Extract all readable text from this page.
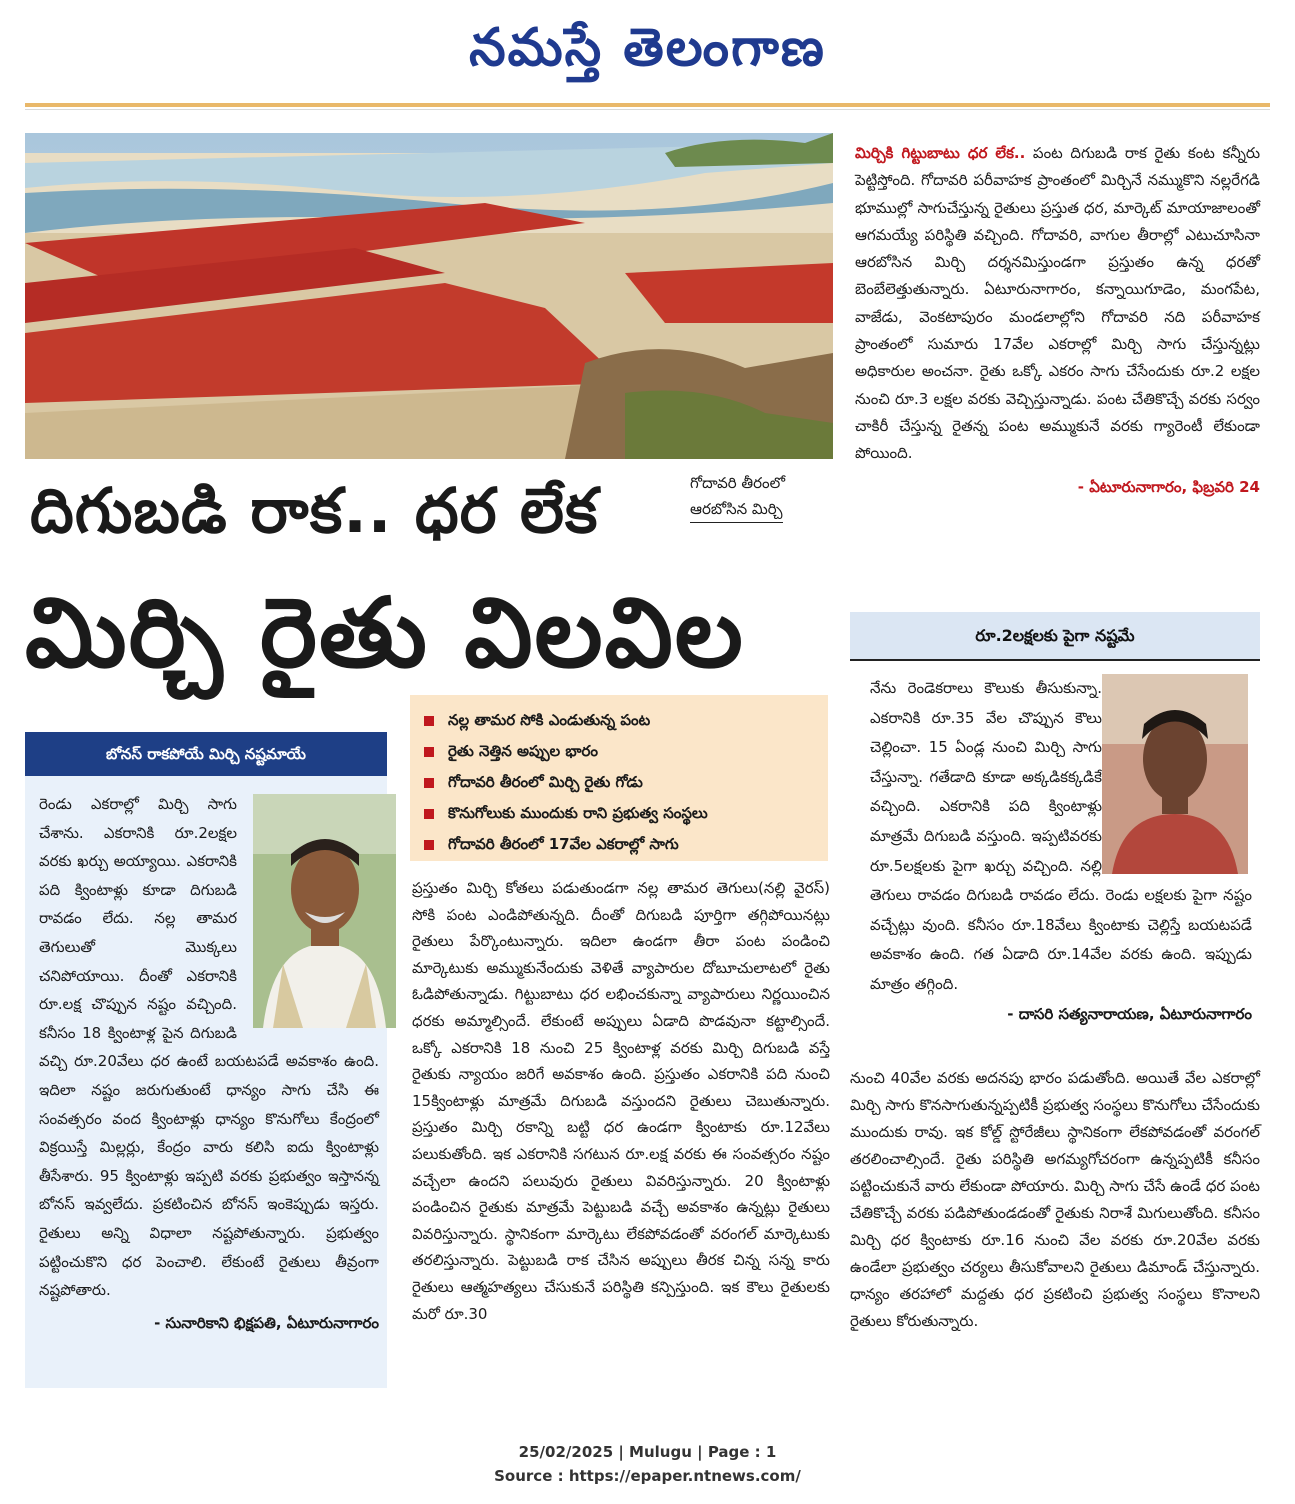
నమస్తే తెలంగాణ
గోదావరి తీరంలో
ఆరబోసిన మిర్చి
దిగుబడి రాక.. ధర లేక
మిర్చి రైతు విలవిల
మిర్చికి గిట్టుబాటు ధర లేక.. పంట దిగుబడి రాక రైతు కంట కన్నీరు పెట్టిస్తోంది. గోదావరి పరీవాహక ప్రాంతంలో మిర్చినే నమ్ముకొని నల్లరేగడి భూముల్లో సాగుచేస్తున్న రైతులు ప్రస్తుత ధర, మార్కెట్ మాయాజాలంతో ఆగమయ్యే పరిస్థితి వచ్చింది. గోదావరి, వాగుల తీరాల్లో ఎటుచూసినా ఆరబోసిన మిర్చి దర్శనమిస్తుండగా ప్రస్తుతం ఉన్న ధరతో బెంబేలెత్తుతున్నారు. ఏటూరునాగారం, కన్నాయిగూడెం, మంగపేట, వాజేడు, వెంకటాపురం మండలాల్లోని గోదావరి నది పరీవాహక ప్రాంతంలో సుమారు 17వేల ఎకరాల్లో మిర్చి సాగు చేస్తున్నట్లు అధికారుల అంచనా. రైతు ఒక్కో ఎకరం సాగు చేసేందుకు రూ.2 లక్షల నుంచి రూ.3 లక్షల వరకు వెచ్చిస్తున్నాడు. పంట చేతికొచ్చే వరకు సర్వం చాకిరీ చేస్తున్న రైతన్న పంట అమ్ముకునే వరకు గ్యారెంటీ లేకుండా పోయింది.
- ఏటూరునాగారం, ఫిబ్రవరి 24
నల్ల తామర సోకి ఎండుతున్న పంట
రైతు నెత్తిన అప్పుల భారం
గోదావరి తీరంలో మిర్చి రైతు గోడు
కొనుగోలుకు ముందుకు రాని ప్రభుత్వ సంస్థలు
గోదావరి తీరంలో 17వేల ఎకరాల్లో సాగు
బోనస్ రాకపోయే మిర్చి నష్టమాయే
రెండు ఎకరాల్లో మిర్చి సాగు చేశాను. ఎకరానికి రూ.2లక్షల వరకు ఖర్చు అయ్యాయి. ఎకరానికి పది క్వింటాళ్లు కూడా దిగుబడి రావడం లేదు. నల్ల తామర తెగులుతో మొక్కలు చనిపోయాయి. దీంతో ఎకరానికి రూ.లక్ష చొప్పున నష్టం వచ్చింది. కనీసం 18 క్వింటాళ్ల పైన దిగుబడి వచ్చి రూ.20వేలు ధర ఉంటే బయటపడే అవకాశం ఉంది. ఇదిలా నష్టం జరుగుతుంటే ధాన్యం సాగు చేసి ఈ సంవత్సరం వంద క్వింటాళ్లు ధాన్యం కొనుగోలు కేంద్రంలో విక్రయిస్తే మిల్లర్లు, కేంద్రం వారు కలిసి ఐదు క్వింటాళ్లు తీసేశారు. 95 క్వింటాళ్లు ఇప్పటి వరకు ప్రభుత్వం ఇస్తానన్న బోనస్ ఇవ్వలేదు. ప్రకటించిన బోనస్ ఇంకెప్పుడు ఇస్తరు. రైతులు అన్ని విధాలా నష్టపోతున్నారు. ప్రభుత్వం పట్టించుకొని ధర పెంచాలి. లేకుంటే రైతులు తీవ్రంగా నష్టపోతారు.
- సునారికాని భిక్షపతి, ఏటూరునాగారం
ప్రస్తుతం మిర్చి కోతలు పడుతుండగా నల్ల తామర తెగులు(నల్లి వైరస్) సోకి పంట ఎండిపోతున్నది. దీంతో దిగుబడి పూర్తిగా తగ్గిపోయినట్లు రైతులు పేర్కొంటున్నారు. ఇదిలా ఉండగా తీరా పంట పండించి మార్కెటుకు అమ్ముకునేందుకు వెళితే వ్యాపారుల దోబూచులాటలో రైతు ఓడిపోతున్నాడు. గిట్టుబాటు ధర లభించకున్నా వ్యాపారులు నిర్ణయించిన ధరకు అమ్మాల్సిందే. లేకుంటే అప్పులు ఏడాది పొడవునా కట్టాల్సిందే. ఒక్కో ఎకరానికి 18 నుంచి 25 క్వింటాళ్ల వరకు మిర్చి దిగుబడి వస్తే రైతుకు న్యాయం జరిగే అవకాశం ఉంది. ప్రస్తుతం ఎకరానికి పది నుంచి 15క్వింటాళ్లు మాత్రమే దిగుబడి వస్తుందని రైతులు చెబుతున్నారు. ప్రస్తుతం మిర్చి రకాన్ని బట్టి ధర ఉండగా క్వింటాకు రూ.12వేలు పలుకుతోంది. ఇక ఎకరానికి సగటున రూ.లక్ష వరకు ఈ సంవత్సరం నష్టం వచ్చేలా ఉందని పలువురు రైతులు వివరిస్తున్నారు. 20 క్వింటాళ్లు పండించిన రైతుకు మాత్రమే పెట్టుబడి వచ్చే అవకాశం ఉన్నట్లు రైతులు వివరిస్తున్నారు. స్థానికంగా మార్కెటు లేకపోవడంతో వరంగల్ మార్కెటుకు తరలిస్తున్నారు. పెట్టుబడి రాక చేసిన అప్పులు తీరక చిన్న సన్న కారు రైతులు ఆత్మహత్యలు చేసుకునే పరిస్థితి కన్పిస్తుంది. ఇక కౌలు రైతులకు మరో రూ.30
రూ.2లక్షలకు పైగా నష్టమే
నేను రెండెకరాలు కౌలుకు తీసుకున్నా. ఎకరానికి రూ.35 వేల చొప్పున కౌలు చెల్లించా. 15 ఏండ్ల నుంచి మిర్చి సాగు చేస్తున్నా. గతేడాది కూడా అక్కడికక్కడికే వచ్చింది. ఎకరానికి పది క్వింటాళ్లు మాత్రమే దిగుబడి వస్తుంది. ఇప్పటివరకు రూ.5లక్షలకు పైగా ఖర్చు వచ్చింది. నల్లి తెగులు రావడం దిగుబడి రావడం లేదు. రెండు లక్షలకు పైగా నష్టం వచ్చేట్లు వుంది. కనీసం రూ.18వేలు క్వింటాకు చెల్లిస్తే బయటపడే అవకాశం ఉంది. గత ఏడాది రూ.14వేల వరకు ఉంది. ఇప్పుడు మాత్రం తగ్గింది.
- దాసరి సత్యనారాయణ, ఏటూరునాగారం
నుంచి 40వేల వరకు అదనపు భారం పడుతోంది. అయితే వేల ఎకరాల్లో మిర్చి సాగు కొనసాగుతున్నప్పటికీ ప్రభుత్వ సంస్థలు కొనుగోలు చేసేందుకు ముందుకు రావు. ఇక కోల్డ్ స్టోరేజీలు స్థానికంగా లేకపోవడంతో వరంగల్ తరలించాల్సిందే. రైతు పరిస్థితి అగమ్యగోచరంగా ఉన్నప్పటికీ కనీసం పట్టించుకునే వారు లేకుండా పోయారు. మిర్చి సాగు చేసే ఉండే ధర పంట చేతికొచ్చే వరకు పడిపోతుండడంతో రైతుకు నిరాశే మిగులుతోంది. కనీసం మిర్చి ధర క్వింటాకు రూ.16 నుంచి వేల వరకు రూ.20వేల వరకు ఉండేలా ప్రభుత్వం చర్యలు తీసుకోవాలని రైతులు డిమాండ్ చేస్తున్నారు. ధాన్యం తరహాలో మద్దతు ధర ప్రకటించి ప్రభుత్వ సంస్థలు కొనాలని రైతులు కోరుతున్నారు.
25/02/2025 | Mulugu | Page : 1
Source : https://epaper.ntnews.com/
